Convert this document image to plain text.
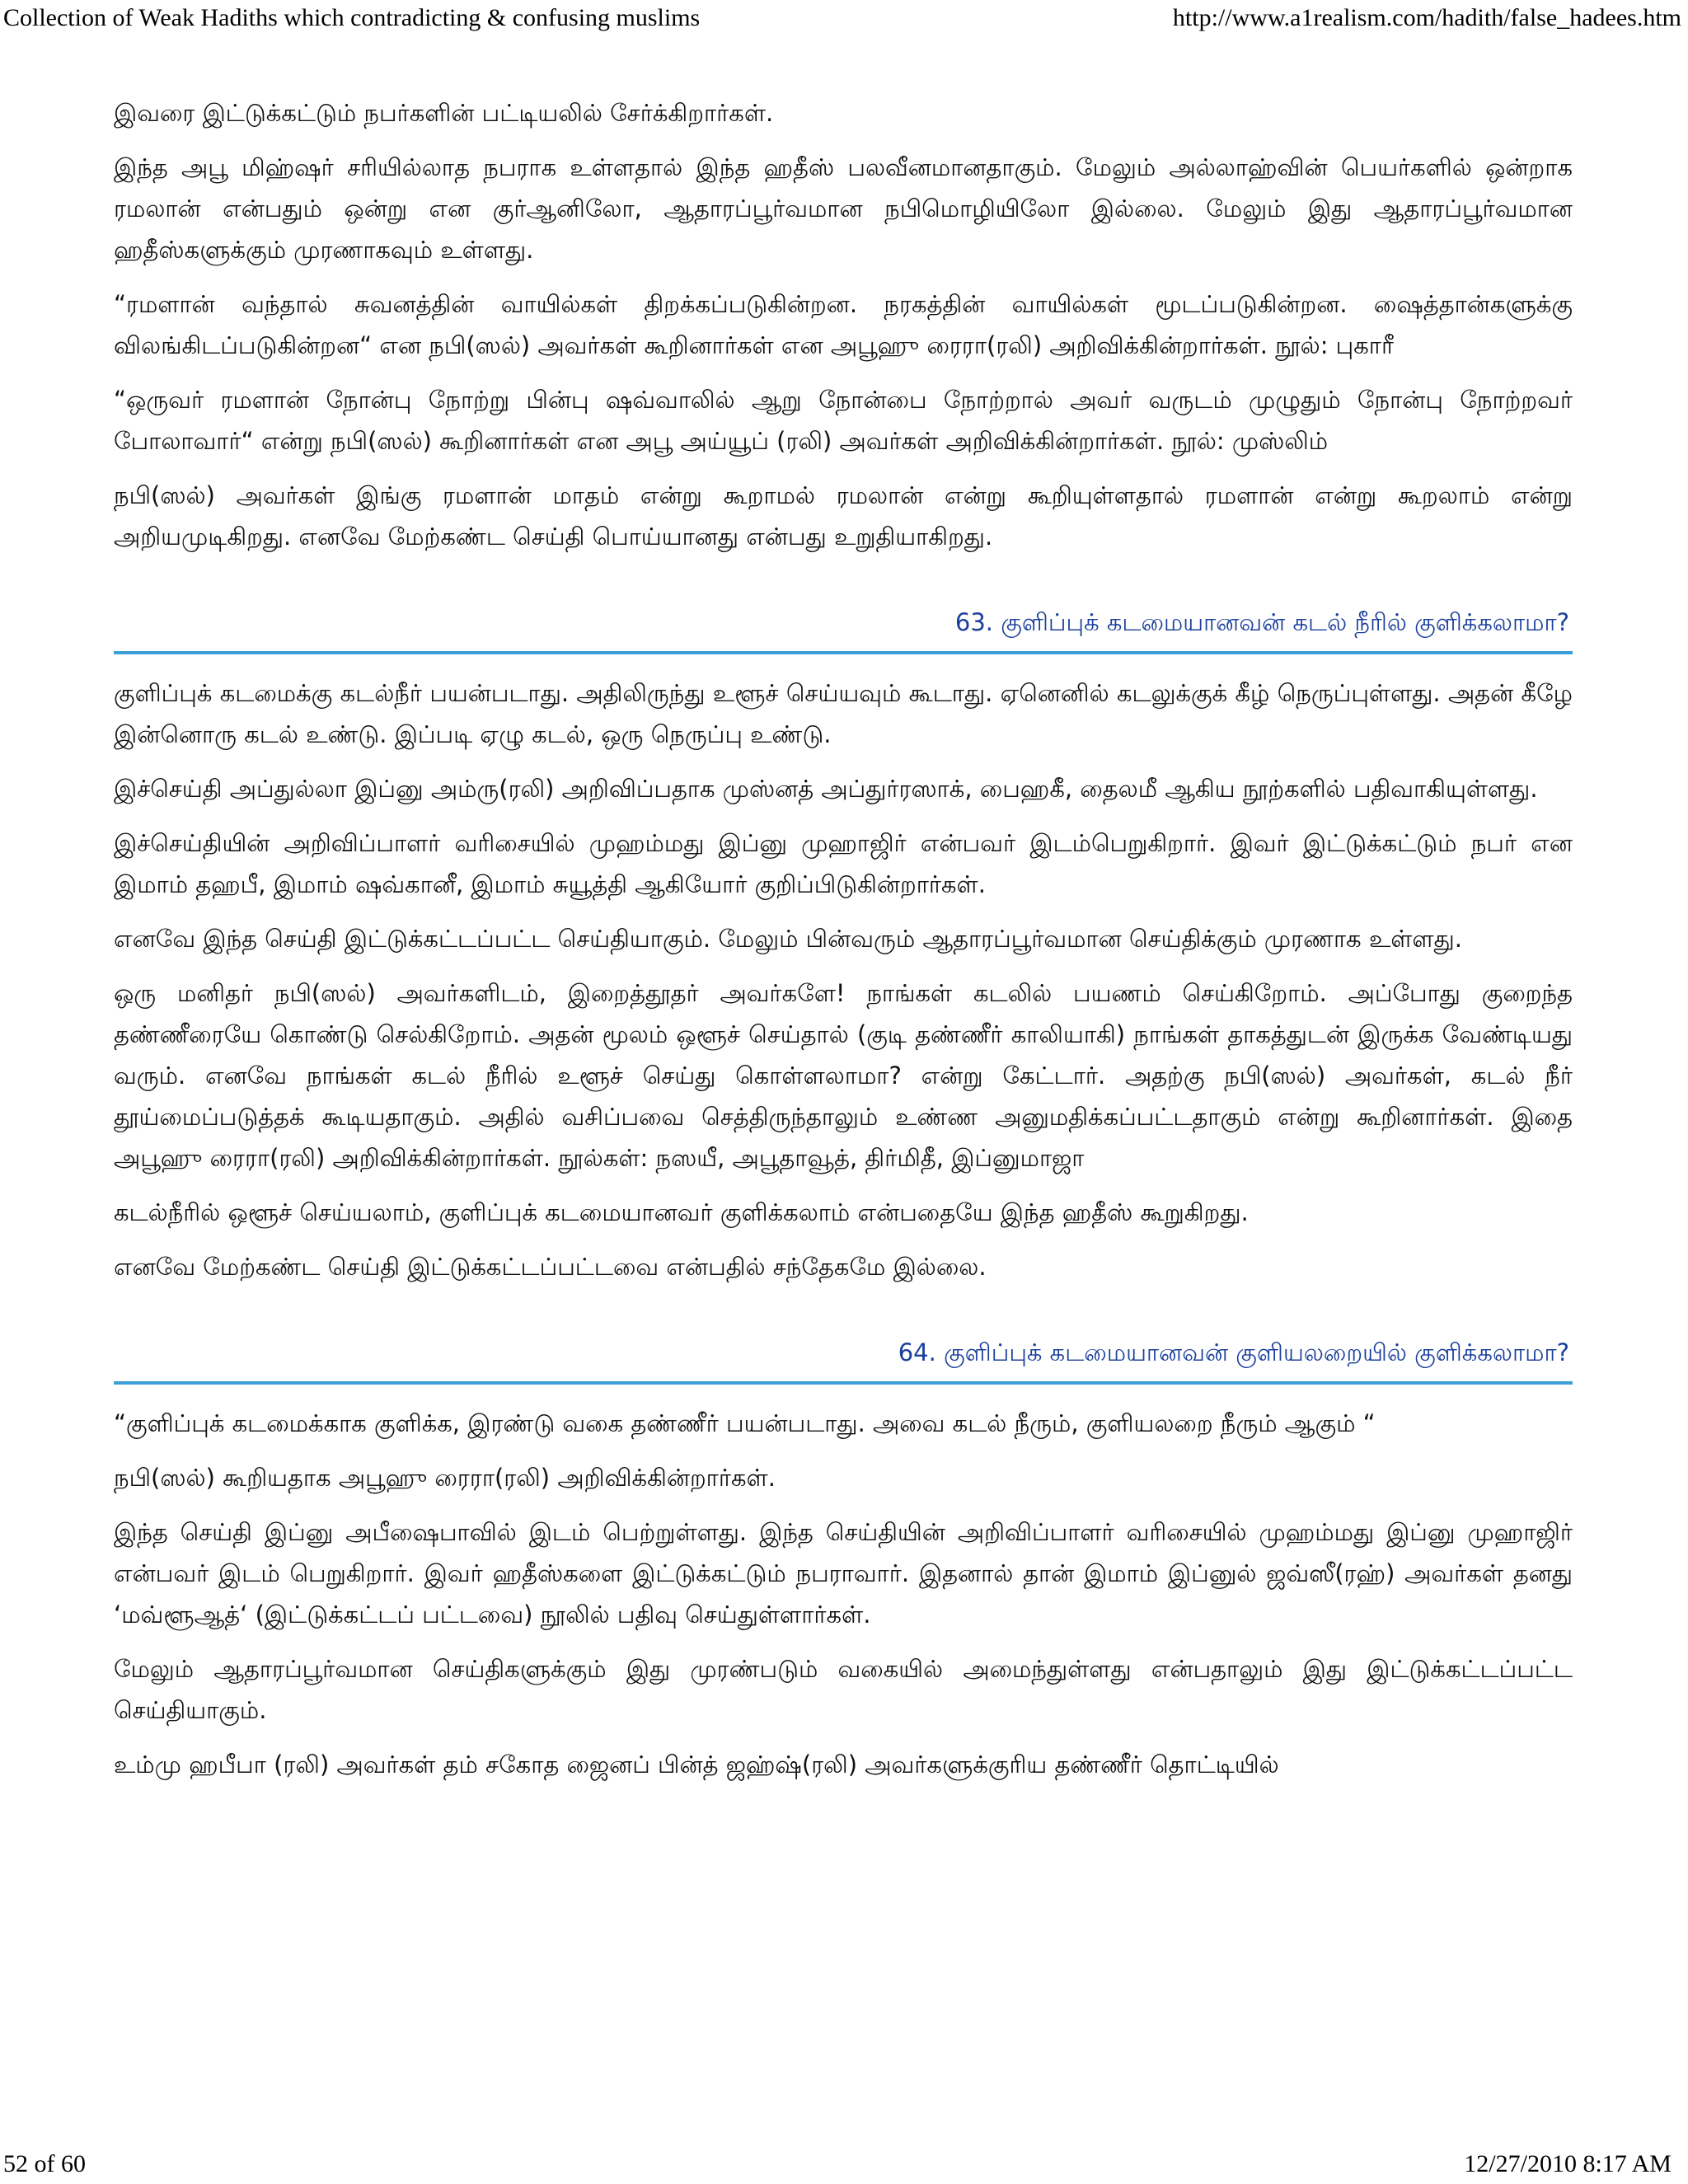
Collection of Weak Hadiths which contradicting & confusing muslims	http://www.a1realism.com/hadith/false_hadees.htm

இவரை இட்டுக்கட்டும் நபர்களின் பட்டியலில் சேர்க்கிறார்கள்.

இந்த அபூ மிஹ்ஷர் சரியில்லாத நபராக உள்ளதால் இந்த ஹதீஸ் பலவீனமானதாகும். மேலும் அல்லாஹ்வின் பெயர்களில் ஒன்றாக ரமலான் என்பதும் ஒன்று என குர்ஆனிலோ, ஆதாரப்பூர்வமான நபிமொழியிலோ இல்லை. மேலும் இது ஆதாரப்பூர்வமான ஹதீஸ்களுக்கும் முரணாகவும் உள்ளது.

“ரமளான் வந்தால் சுவனத்தின் வாயில்கள் திறக்கப்படுகின்றன. நரகத்தின் வாயில்கள் மூடப்படுகின்றன. ஷைத்தான்களுக்கு விலங்கிடப்படுகின்றன“ என நபி(ஸல்) அவர்கள் கூறினார்கள் என அபூஹு ரைரா(ரலி) அறிவிக்கின்றார்கள். நூல்: புகாரீ

“ஒருவர் ரமளான் நோன்பு நோற்று பின்பு ஷவ்வாலில் ஆறு நோன்பை நோற்றால் அவர் வருடம் முழுதும் நோன்பு நோற்றவர் போலாவார்“ என்று நபி(ஸல்) கூறினார்கள் என அபூ அய்யூப் (ரலி) அவர்கள் அறிவிக்கின்றார்கள். நூல்: முஸ்லிம்

நபி(ஸல்) அவர்கள் இங்கு ரமளான் மாதம் என்று கூறாமல் ரமலான் என்று கூறியுள்ளதால் ரமளான் என்று கூறலாம் என்று அறியமுடிகிறது. எனவே மேற்கண்ட செய்தி பொய்யானது என்பது உறுதியாகிறது.

63. குளிப்புக் கடமையானவன் கடல் நீரில் குளிக்கலாமா?

குளிப்புக் கடமைக்கு கடல்நீர் பயன்படாது. அதிலிருந்து உளூச் செய்யவும் கூடாது. ஏனெனில் கடலுக்குக் கீழ் நெருப்புள்ளது. அதன் கீழே இன்னொரு கடல் உண்டு. இப்படி ஏழு கடல், ஒரு நெருப்பு உண்டு.

இச்செய்தி அப்துல்லா இப்னு அம்ரு(ரலி) அறிவிப்பதாக முஸ்னத் அப்துர்ரஸாக், பைஹகீ, தைலமீ ஆகிய நூற்களில் பதிவாகியுள்ளது.

இச்செய்தியின் அறிவிப்பாளர் வரிசையில் முஹம்மது இப்னு முஹாஜிர் என்பவர் இடம்பெறுகிறார். இவர் இட்டுக்கட்டும் நபர் என இமாம் தஹபீ, இமாம் ஷவ்கானீ, இமாம் சுயூத்தி ஆகியோர் குறிப்பிடுகின்றார்கள்.

எனவே இந்த செய்தி இட்டுக்கட்டப்பட்ட செய்தியாகும். மேலும் பின்வரும் ஆதாரப்பூர்வமான செய்திக்கும் முரணாக உள்ளது.

ஒரு மனிதர் நபி(ஸல்) அவர்களிடம், இறைத்தூதர் அவர்களே! நாங்கள் கடலில் பயணம் செய்கிறோம். அப்போது குறைந்த தண்ணீரையே கொண்டு செல்கிறோம். அதன் மூலம் ஒளூச் செய்தால் (குடி தண்ணீர் காலியாகி) நாங்கள் தாகத்துடன் இருக்க வேண்டியது வரும். எனவே நாங்கள் கடல் நீரில் உளூச் செய்து கொள்ளலாமா? என்று கேட்டார். அதற்கு நபி(ஸல்) அவர்கள், கடல் நீர் தூய்மைப்படுத்தக் கூடியதாகும். அதில் வசிப்பவை செத்திருந்தாலும் உண்ண அனுமதிக்கப்பட்டதாகும் என்று கூறினார்கள். இதை அபூஹு ரைரா(ரலி) அறிவிக்கின்றார்கள். நூல்கள்: நஸயீ, அபூதாவூத், திர்மிதீ, இப்னுமாஜா

கடல்நீரில் ஒளூச் செய்யலாம், குளிப்புக் கடமையானவர் குளிக்கலாம் என்பதையே இந்த ஹதீஸ் கூறுகிறது.

எனவே மேற்கண்ட செய்தி இட்டுக்கட்டப்பட்டவை என்பதில் சந்தேகமே இல்லை.

64. குளிப்புக் கடமையானவன் குளியலறையில் குளிக்கலாமா?

“குளிப்புக் கடமைக்காக குளிக்க, இரண்டு வகை தண்ணீர் பயன்படாது. அவை கடல் நீரும், குளியலறை நீரும் ஆகும் “

நபி(ஸல்) கூறியதாக அபூஹு ரைரா(ரலி) அறிவிக்கின்றார்கள்.

இந்த செய்தி இப்னு அபீஷைபாவில் இடம் பெற்றுள்ளது. இந்த செய்தியின் அறிவிப்பாளர் வரிசையில் முஹம்மது இப்னு முஹாஜிர் என்பவர் இடம் பெறுகிறார். இவர் ஹதீஸ்களை இட்டுக்கட்டும் நபராவார். இதனால் தான் இமாம் இப்னுல் ஜவ்ஸீ(ரஹ்) அவர்கள் தனது ‘மவ்ளூஆத்‘ (இட்டுக்கட்டப் பட்டவை) நூலில் பதிவு செய்துள்ளார்கள்.

மேலும் ஆதாரப்பூர்வமான செய்திகளுக்கும் இது முரண்படும் வகையில் அமைந்துள்ளது என்பதாலும் இது இட்டுக்கட்டப்பட்ட செய்தியாகும்.

உம்மு ஹபீபா (ரலி) அவர்கள் தம் சகோத ஜைனப் பின்த் ஜஹ்ஷ்(ரலி) அவர்களுக்குரிய தண்ணீர் தொட்டியில்

52 of 60	12/27/2010 8:17 AM
